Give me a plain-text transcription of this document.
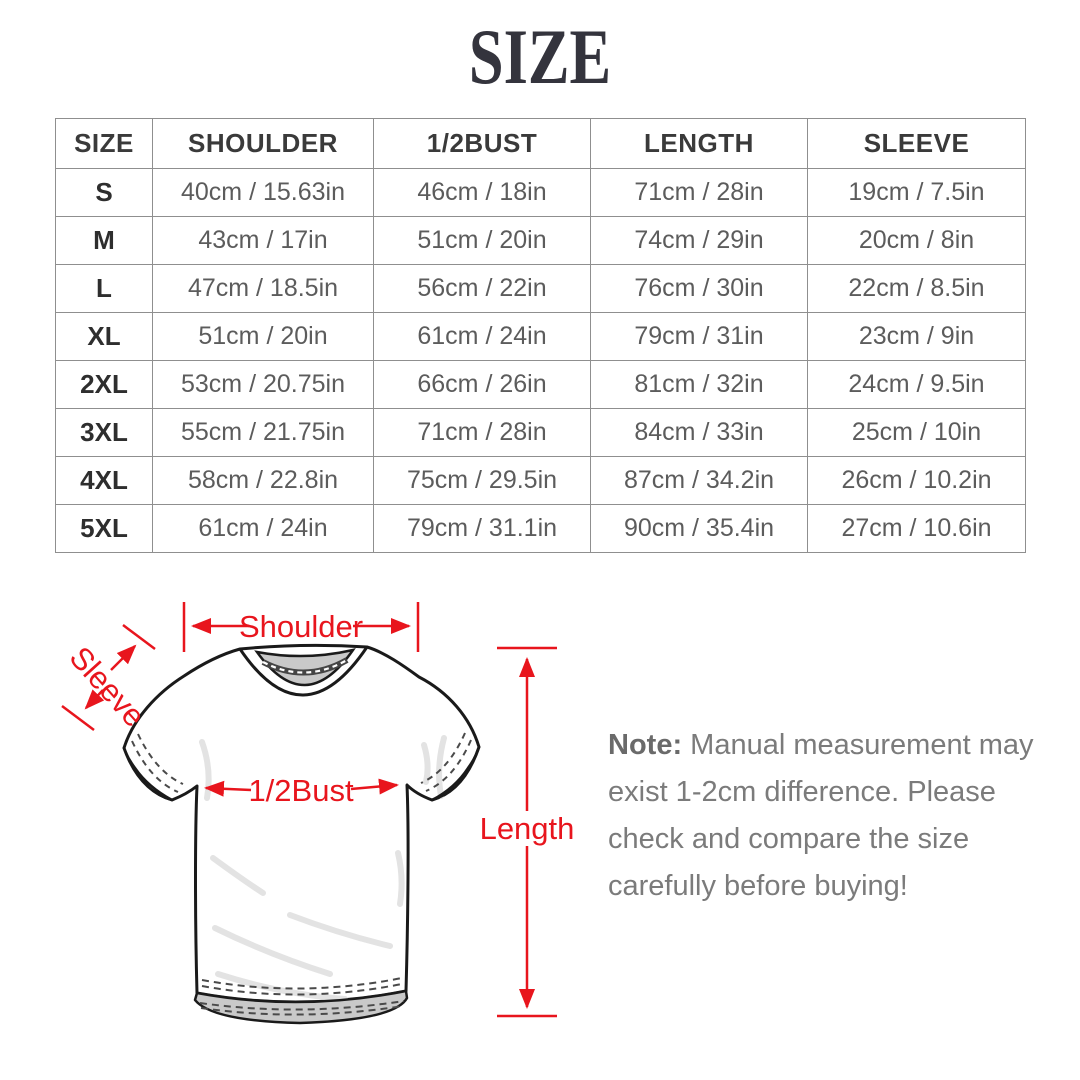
SIZE
SIZE	SHOULDER	1/2BUST	LENGTH	SLEEVE
S	40cm / 15.63in	46cm / 18in	71cm / 28in	19cm / 7.5in
M	43cm / 17in	51cm / 20in	74cm / 29in	20cm / 8in
L	47cm / 18.5in	56cm / 22in	76cm / 30in	22cm / 8.5in
XL	51cm / 20in	61cm / 24in	79cm / 31in	23cm / 9in
2XL	53cm / 20.75in	66cm / 26in	81cm / 32in	24cm / 9.5in
3XL	55cm / 21.75in	71cm / 28in	84cm / 33in	25cm / 10in
4XL	58cm / 22.8in	75cm / 29.5in	87cm / 34.2in	26cm / 10.2in
5XL	61cm / 24in	79cm / 31.1in	90cm / 35.4in	27cm / 10.6in
Shoulder
1/2Bust
Length
Sleeve
Note: Manual measurement may
exist 1-2cm difference. Please
check and compare the size
carefully before buying!
